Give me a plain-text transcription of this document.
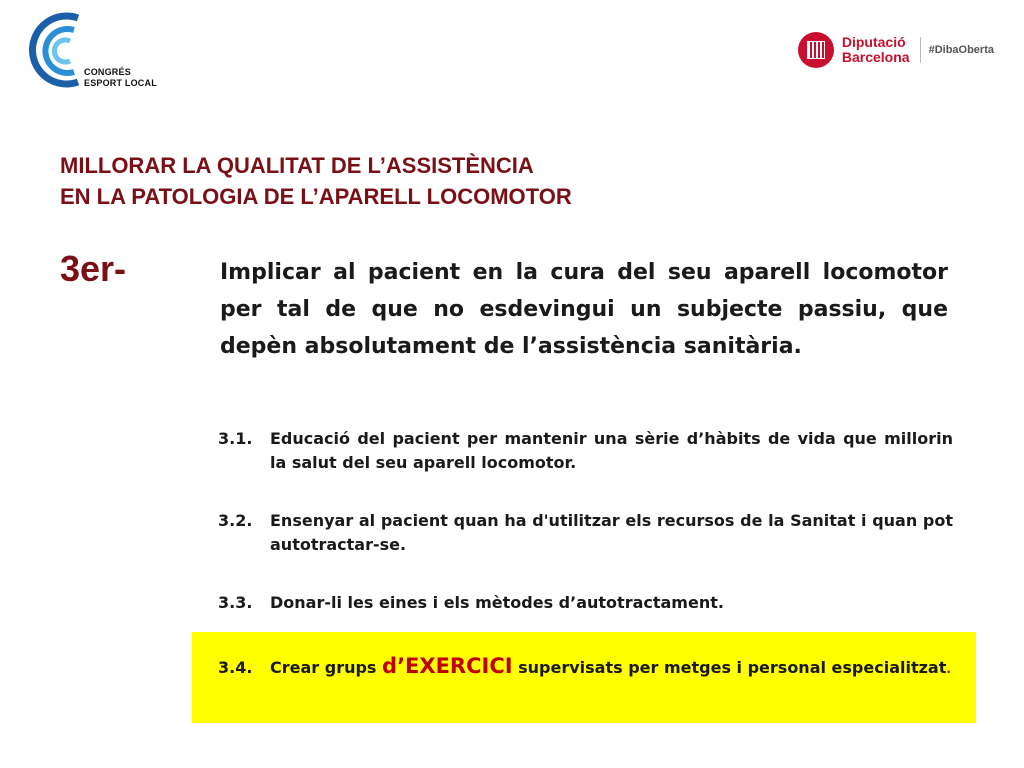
CONGRÉS
ESPORT LOCAL
Diputació
Barcelona #DibaOberta
MILLORAR LA QUALITAT DE L’ASSISTÈNCIA
EN LA PATOLOGIA DE L’APARELL LOCOMOTOR
3er-	Implicar al pacient en la cura del seu aparell locomotor per tal de que no esdevingui un subjecte passiu, que depèn absolutament de l’assistència sanitària.

3.1. Educació del pacient per mantenir una sèrie d’hàbits de vida que millorin la salut del seu aparell locomotor.

3.2. Ensenyar al pacient quan ha d'utilitzar els recursos de la Sanitat i quan pot autotractar-se.

3.3. Donar-li les eines i els mètodes d’autotractament.

3.4. Crear grups d’EXERCICI supervisats per metges i personal especialitzat.
